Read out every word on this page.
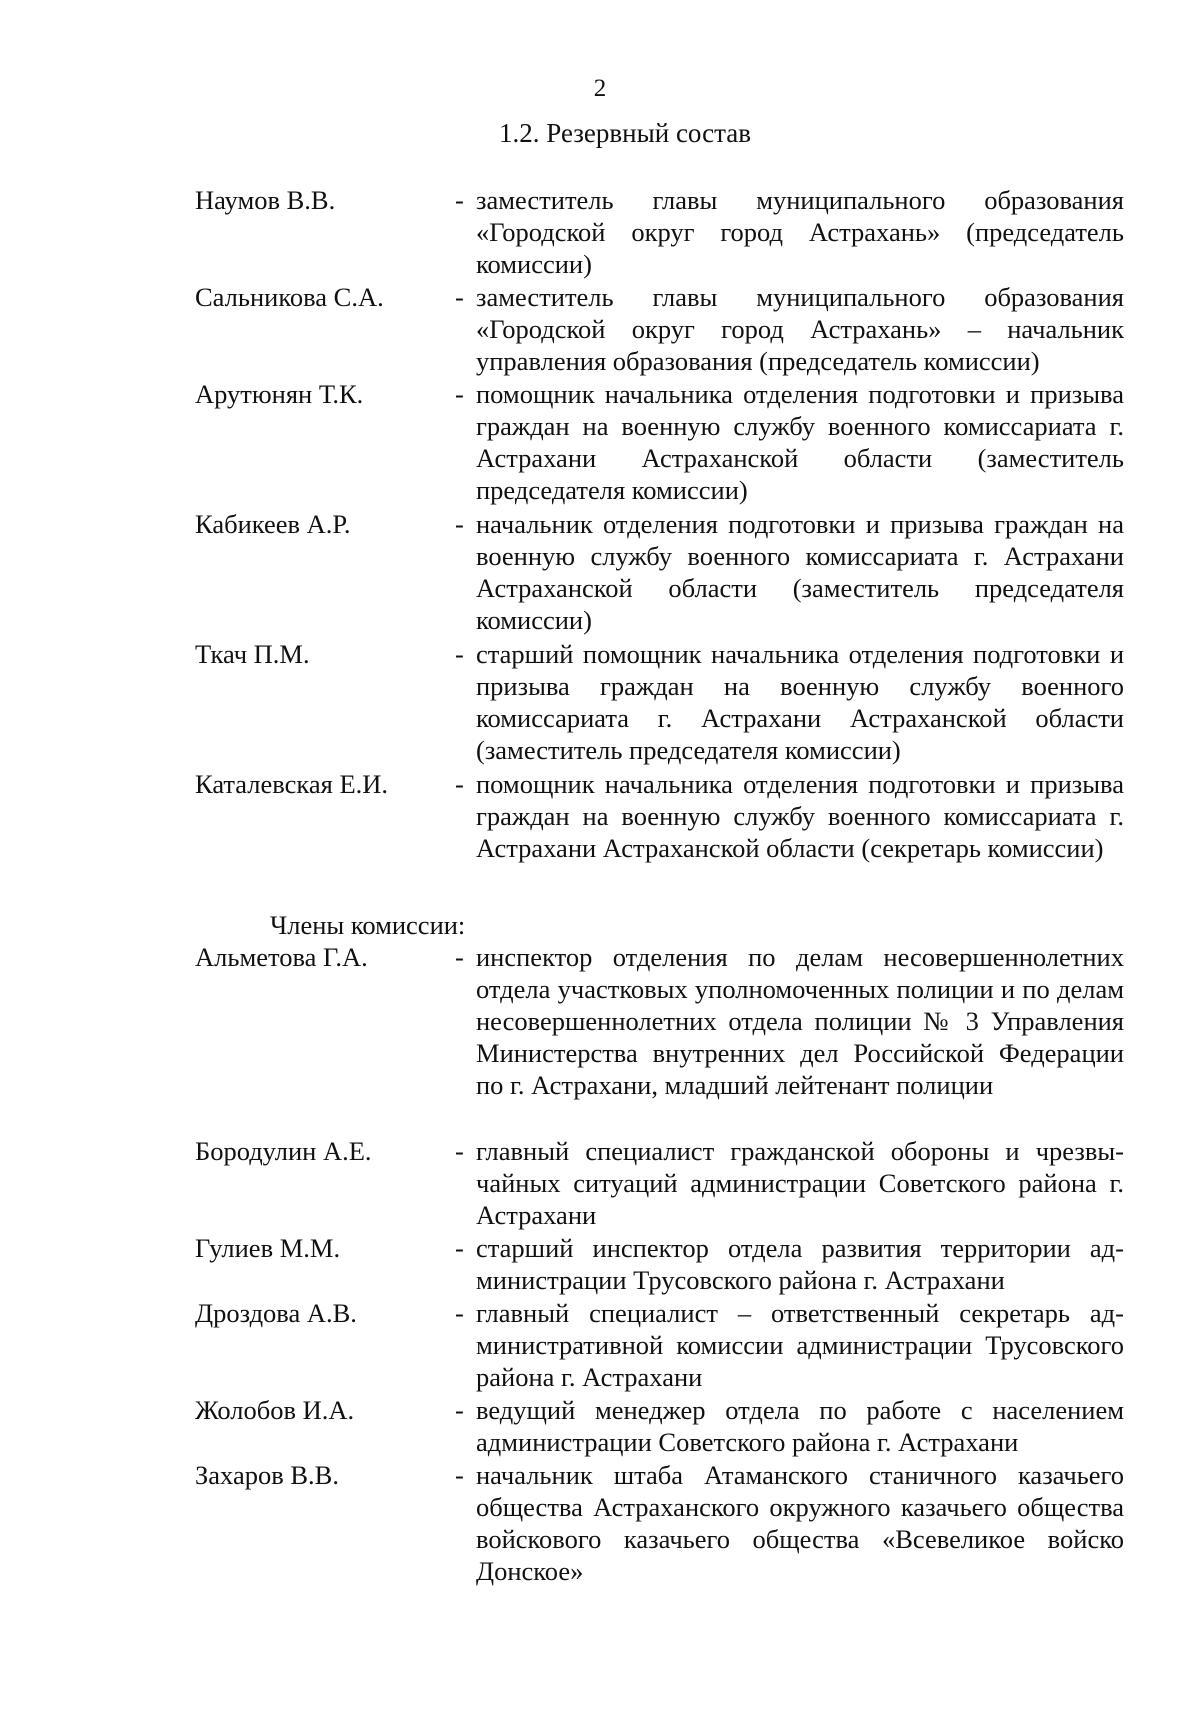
2
1.2. Резервный состав
Наумов В.В.	- заместитель главы муниципального образования «Городской округ город Астрахань» (председатель комиссии)
Сальникова С.А.	- заместитель главы муниципального образования «Городской округ город Астрахань» – начальник управления образования (председатель комиссии)
Арутюнян Т.К.	- помощник начальника отделения подготовки и призыва граждан на военную службу военного комиссариата г. Астрахани Астраханской области (заместитель председателя комиссии)
Кабикеев А.Р.	- начальник отделения подготовки и призыва граждан на военную службу военного комиссариата г. Астрахани Астраханской области (заместитель председателя комиссии)
Ткач П.М.	- старший помощник начальника отделения подготовки и призыва граждан на военную службу военного комиссариата г. Астрахани Астраханской области (заместитель председателя комиссии)
Каталевская Е.И.	- помощник начальника отделения подготовки и призыва граждан на военную службу военного комиссариата г. Астрахани Астраханской области (секретарь комиссии)
Члены комиссии:
Альметова Г.А.	- инспектор отделения по делам несовершеннолетних отдела участковых уполномоченных полиции и по делам несовершеннолетних отдела полиции № 3 Управления Министерства внутренних дел Российской Федерации по г. Астрахани, младший лейтенант полиции
Бородулин А.Е.	- главный специалист гражданской обороны и чрезвычайных ситуаций администрации Советского района г. Астрахани
Гулиев М.М.	- старший инспектор отдела развития территории администрации Трусовского района г. Астрахани
Дроздова А.В.	- главный специалист – ответственный секретарь административной комиссии администрации Трусовского района г. Астрахани
Жолобов И.А.	- ведущий менеджер отдела по работе с населением администрации Советского района г. Астрахани
Захаров В.В.	- начальник штаба Атаманского станичного казачьего общества Астраханского окружного казачьего общества войскового казачьего общества «Всевеликое войско Донское»
